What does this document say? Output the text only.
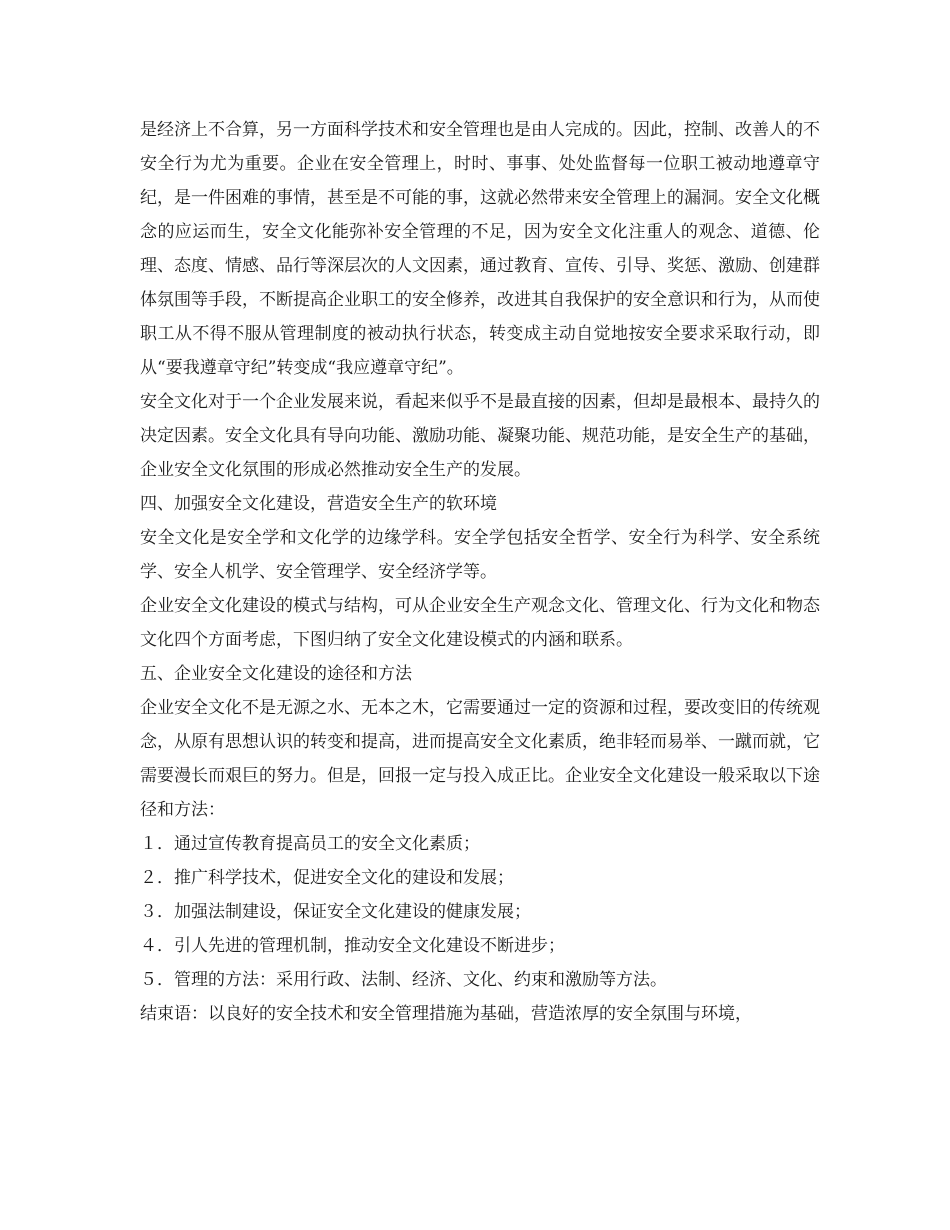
是经济上不合算，另一方面科学技术和安全管理也是由人完成的。因此，控制、改善人的不安全行为尤为重要。企业在安全管理上，时时、事事、处处监督每一位职工被动地遵章守纪，是一件困难的事情，甚至是不可能的事，这就必然带来安全管理上的漏洞。安全文化概念的应运而生，安全文化能弥补安全管理的不足，因为安全文化注重人的观念、道德、伦理、态度、情感、品行等深层次的人文因素，通过教育、宣传、引导、奖惩、激励、创建群体氛围等手段，不断提高企业职工的安全修养，改进其自我保护的安全意识和行为，从而使职工从不得不服从管理制度的被动执行状态，转变成主动自觉地按安全要求采取行动，即从“要我遵章守纪”转变成“我应遵章守纪”。

安全文化对于一个企业发展来说，看起来似乎不是最直接的因素，但却是最根本、最持久的决定因素。安全文化具有导向功能、激励功能、凝聚功能、规范功能，是安全生产的基础，企业安全文化氛围的形成必然推动安全生产的发展。

四、加强安全文化建设，营造安全生产的软环境

安全文化是安全学和文化学的边缘学科。安全学包括安全哲学、安全行为科学、安全系统学、安全人机学、安全管理学、安全经济学等。

企业安全文化建设的模式与结构，可从企业安全生产观念文化、管理文化、行为文化和物态文化四个方面考虑，下图归纳了安全文化建设模式的内涵和联系。

五、企业安全文化建设的途径和方法

企业安全文化不是无源之水、无本之木，它需要通过一定的资源和过程，要改变旧的传统观念，从原有思想认识的转变和提高，进而提高安全文化素质，绝非轻而易举、一蹴而就，它需要漫长而艰巨的努力。但是，回报一定与投入成正比。企业安全文化建设一般采取以下途径和方法：

１．通过宣传教育提高员工的安全文化素质；

２．推广科学技术，促进安全文化的建设和发展；

３．加强法制建设，保证安全文化建设的健康发展；

４．引人先进的管理机制，推动安全文化建设不断进步；

５．管理的方法：采用行政、法制、经济、文化、约束和激励等方法。

结束语：以良好的安全技术和安全管理措施为基础，营造浓厚的安全氛围与环境，
